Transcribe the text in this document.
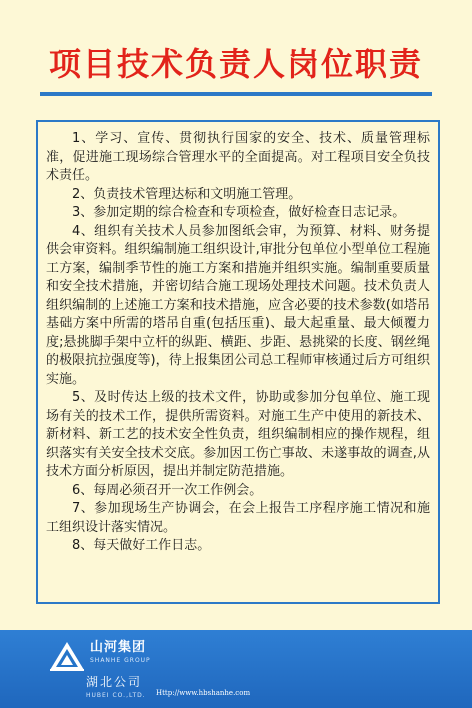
项目技术负责人岗位职责

1、学习、宣传、贯彻执行国家的安全、技术、质量管理标准，促进施工现场综合管理水平的全面提高。对工程项目安全负技术责任。

2、负责技术管理达标和文明施工管理。

3、参加定期的综合检查和专项检查，做好检查日志记录。

4、组织有关技术人员参加图纸会审，为预算、材料、财务提供会审资料。组织编制施工组织设计,审批分包单位小型单位工程施工方案，编制季节性的施工方案和措施并组织实施。编制重要质量和安全技术措施，并密切结合施工现场处理技术问题。技术负责人组织编制的上述施工方案和技术措施，应含必要的技术参数(如塔吊基础方案中所需的塔吊自重(包括压重)、最大起重量、最大倾覆力度;悬挑脚手架中立杆的纵距、横距、步距、悬挑梁的长度、钢丝绳的极限抗拉强度等)，待上报集团公司总工程师审核通过后方可组织实施。

5、及时传达上级的技术文件，协助或参加分包单位、施工现场有关的技术工作，提供所需资料。对施工生产中使用的新技术、新材料、新工艺的技术安全性负责，组织编制相应的操作规程，组织落实有关安全技术交底。参加因工伤亡事故、未遂事故的调查,从技术方面分析原因，提出并制定防范措施。

6、每周必须召开一次工作例会。

7、参加现场生产协调会，在会上报告工序程序施工情况和施工组织设计落实情况。

8、每天做好工作日志。

山河集团
SHANHE GROUP
湖北公司
HUBEI CO.,LTD. Http://www.hbshanhe.com
